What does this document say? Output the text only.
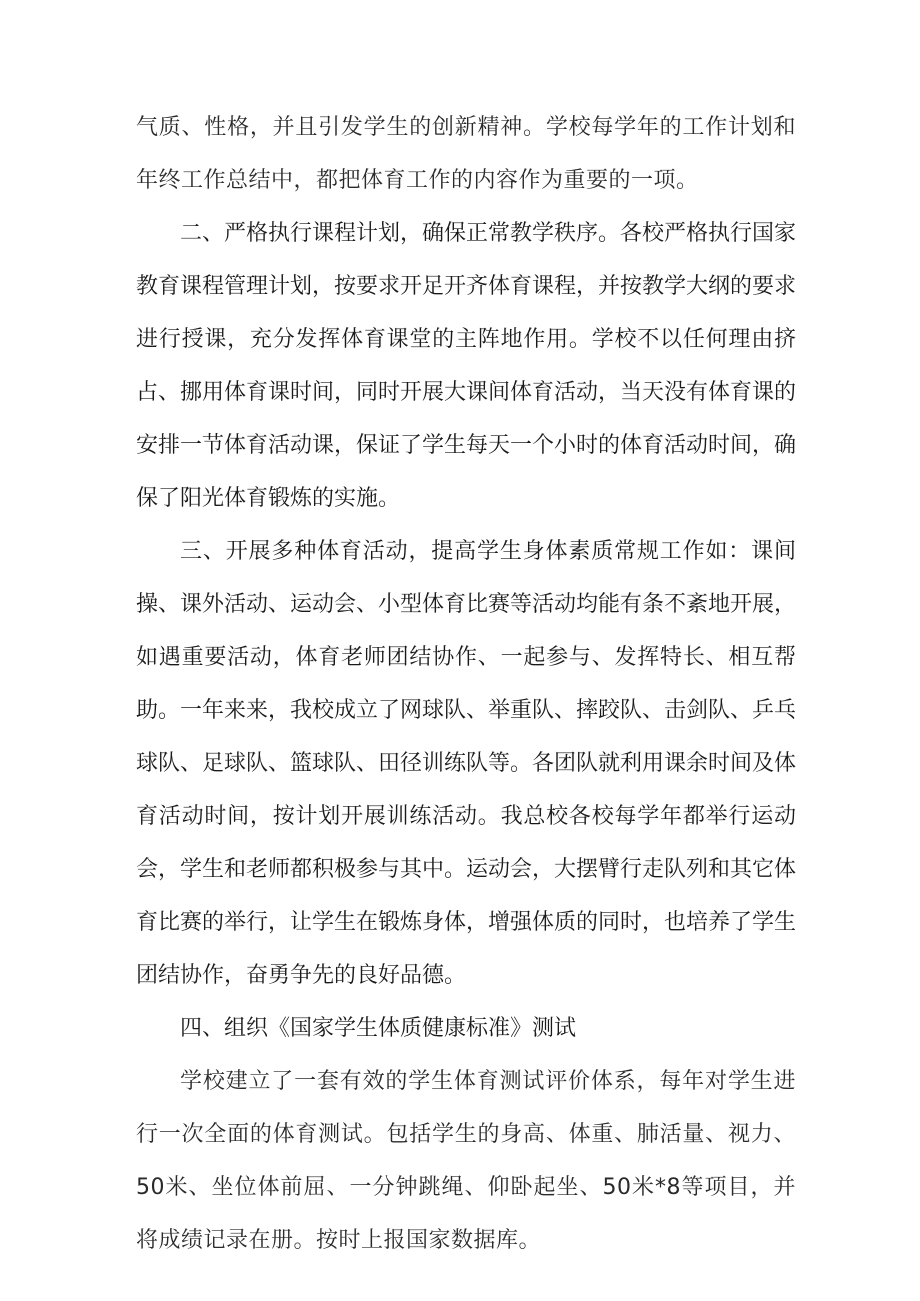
气质、性格，并且引发学生的创新精神。学校每学年的工作计划和年终工作总结中，都把体育工作的内容作为重要的一项。

二、严格执行课程计划，确保正常教学秩序。各校严格执行国家教育课程管理计划，按要求开足开齐体育课程，并按教学大纲的要求进行授课，充分发挥体育课堂的主阵地作用。学校不以任何理由挤占、挪用体育课时间，同时开展大课间体育活动，当天没有体育课的安排一节体育活动课，保证了学生每天一个小时的体育活动时间，确保了阳光体育锻炼的实施。

三、开展多种体育活动，提高学生身体素质常规工作如：课间操、课外活动、运动会、小型体育比赛等活动均能有条不紊地开展，如遇重要活动，体育老师团结协作、一起参与、发挥特长、相互帮助。一年来来，我校成立了网球队、举重队、摔跤队、击剑队、乒乓球队、足球队、篮球队、田径训练队等。各团队就利用课余时间及体育活动时间，按计划开展训练活动。我总校各校每学年都举行运动会，学生和老师都积极参与其中。运动会，大摆臂行走队列和其它体育比赛的举行，让学生在锻炼身体，增强体质的同时，也培养了学生团结协作，奋勇争先的良好品德。

四、组织《国家学生体质健康标准》测试

学校建立了一套有效的学生体育测试评价体系，每年对学生进行一次全面的体育测试。包括学生的身高、体重、肺活量、视力、50米、坐位体前屈、一分钟跳绳、仰卧起坐、50米*8等项目，并将成绩记录在册。按时上报国家数据库。
